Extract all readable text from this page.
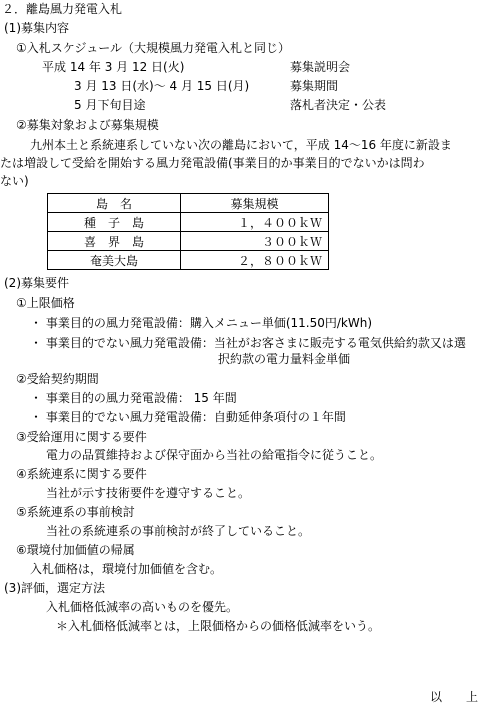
２．離島風力発電入札
(1)募集内容
①入札スケジュール（大規模風力発電入札と同じ）
平成 14 年 3 月 12 日(火)	募集説明会
3 月 13 日(水)～ 4 月 15 日(月)	募集期間
5 月下旬目途	落札者決定・公表
②募集対象および募集規模
九州本土と系統連系していない次の離島において，平成 14～16 年度に新設ま
たは増設して受給を開始する風力発電設備(事業目的か事業目的でないかは問わ
ない)
島　名	募集規模
種　子　島	１，４００ｋＷ
喜　界　島	３００ｋＷ
奄美大島	２，８００ｋＷ
(2)募集要件
①上限価格
・ 事業目的の風力発電設備：購入メニュー単価(11.50円/kWh)
・ 事業目的でない風力発電設備：当社がお客さまに販売する電気供給約款又は選
択約款の電力量料金単価
②受給契約期間
・ 事業目的の風力発電設備： 15 年間
・ 事業目的でない風力発電設備：自動延伸条項付の１年間
③受給運用に関する要件
電力の品質維持および保守面から当社の給電指令に従うこと。
④系統連系に関する要件
当社が示す技術要件を遵守すること。
⑤系統連系の事前検討
当社の系統連系の事前検討が終了していること。
⑥環境付加価値の帰属
入札価格は，環境付加価値を含む。
(3)評価，選定方法
入札価格低減率の高いものを優先。
＊入札価格低減率とは，上限価格からの価格低減率をいう。
以　　上
